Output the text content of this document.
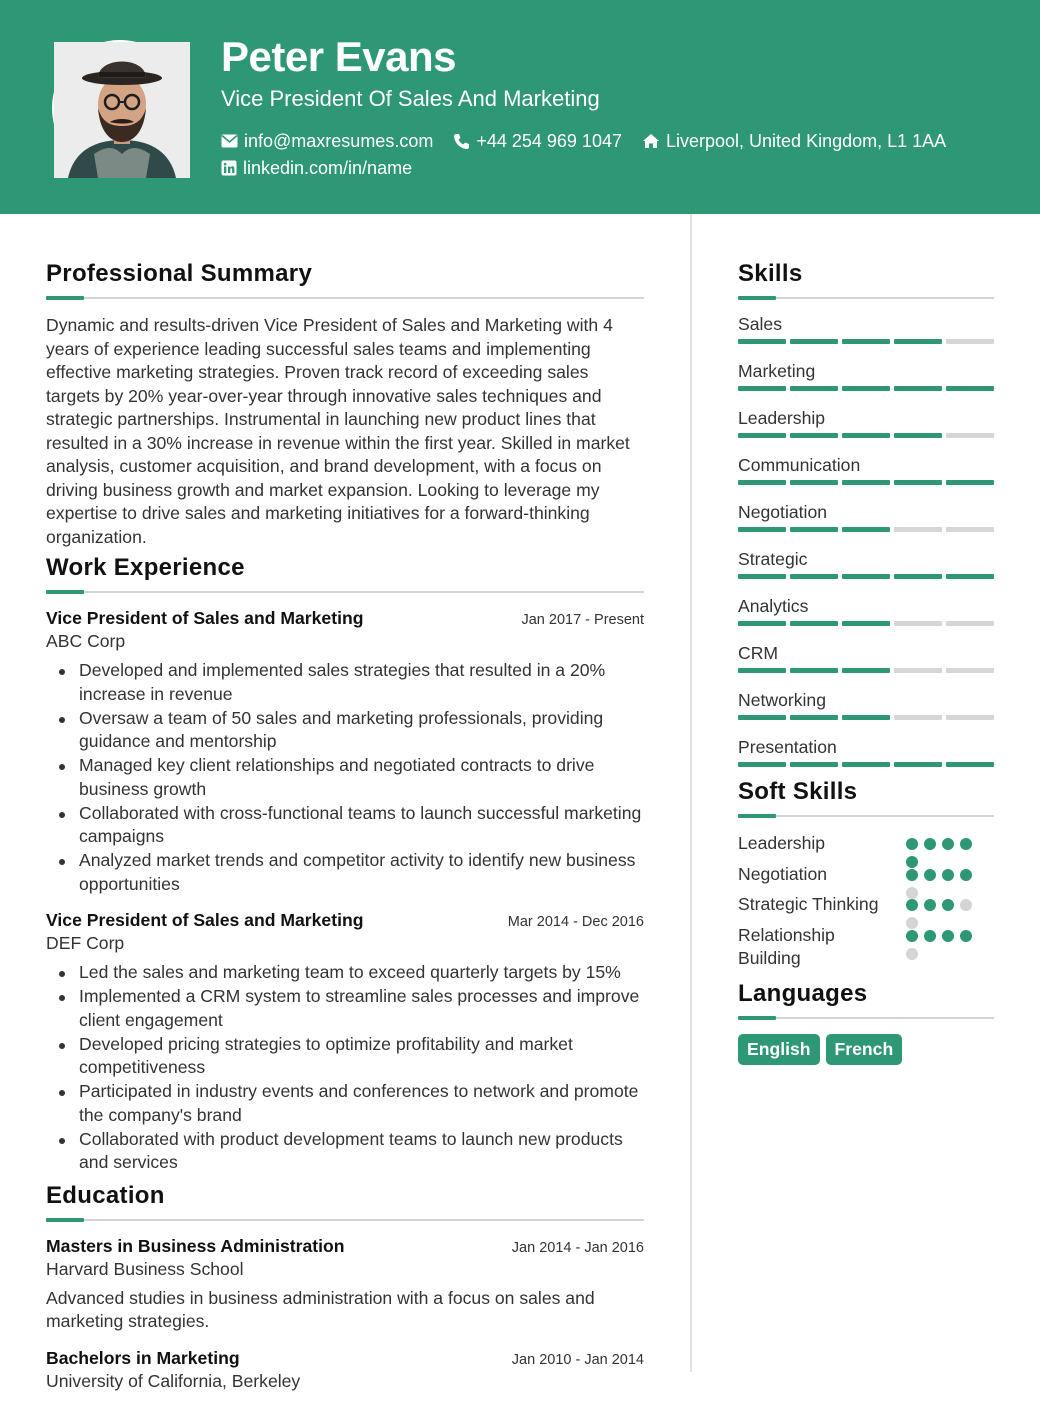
Peter Evans
Vice President Of Sales And Marketing
info@maxresumes.com +44 254 969 1047 Liverpool, United Kingdom, L1 1AA
linkedin.com/in/name
Professional Summary
Dynamic and results-driven Vice President of Sales and Marketing with 4 years of experience leading successful sales teams and implementing effective marketing strategies. Proven track record of exceeding sales targets by 20% year-over-year through innovative sales techniques and strategic partnerships. Instrumental in launching new product lines that resulted in a 30% increase in revenue within the first year. Skilled in market analysis, customer acquisition, and brand development, with a focus on driving business growth and market expansion. Looking to leverage my expertise to drive sales and marketing initiatives for a forward-thinking organization.
Work Experience
Vice President of Sales and Marketing	Jan 2017 - Present
ABC Corp
Developed and implemented sales strategies that resulted in a 20% increase in revenue
Oversaw a team of 50 sales and marketing professionals, providing guidance and mentorship
Managed key client relationships and negotiated contracts to drive business growth
Collaborated with cross-functional teams to launch successful marketing campaigns
Analyzed market trends and competitor activity to identify new business opportunities
Vice President of Sales and Marketing	Mar 2014 - Dec 2016
DEF Corp
Led the sales and marketing team to exceed quarterly targets by 15%
Implemented a CRM system to streamline sales processes and improve client engagement
Developed pricing strategies to optimize profitability and market competitiveness
Participated in industry events and conferences to network and promote the company's brand
Collaborated with product development teams to launch new products and services
Education
Masters in Business Administration	Jan 2014 - Jan 2016
Harvard Business School
Advanced studies in business administration with a focus on sales and marketing strategies.
Bachelors in Marketing	Jan 2010 - Jan 2014
University of California, Berkeley
Skills
Sales
Marketing
Leadership
Communication
Negotiation
Strategic
Analytics
CRM
Networking
Presentation
Soft Skills
Leadership
Negotiation
Strategic Thinking
Relationship Building
Languages
English	French
